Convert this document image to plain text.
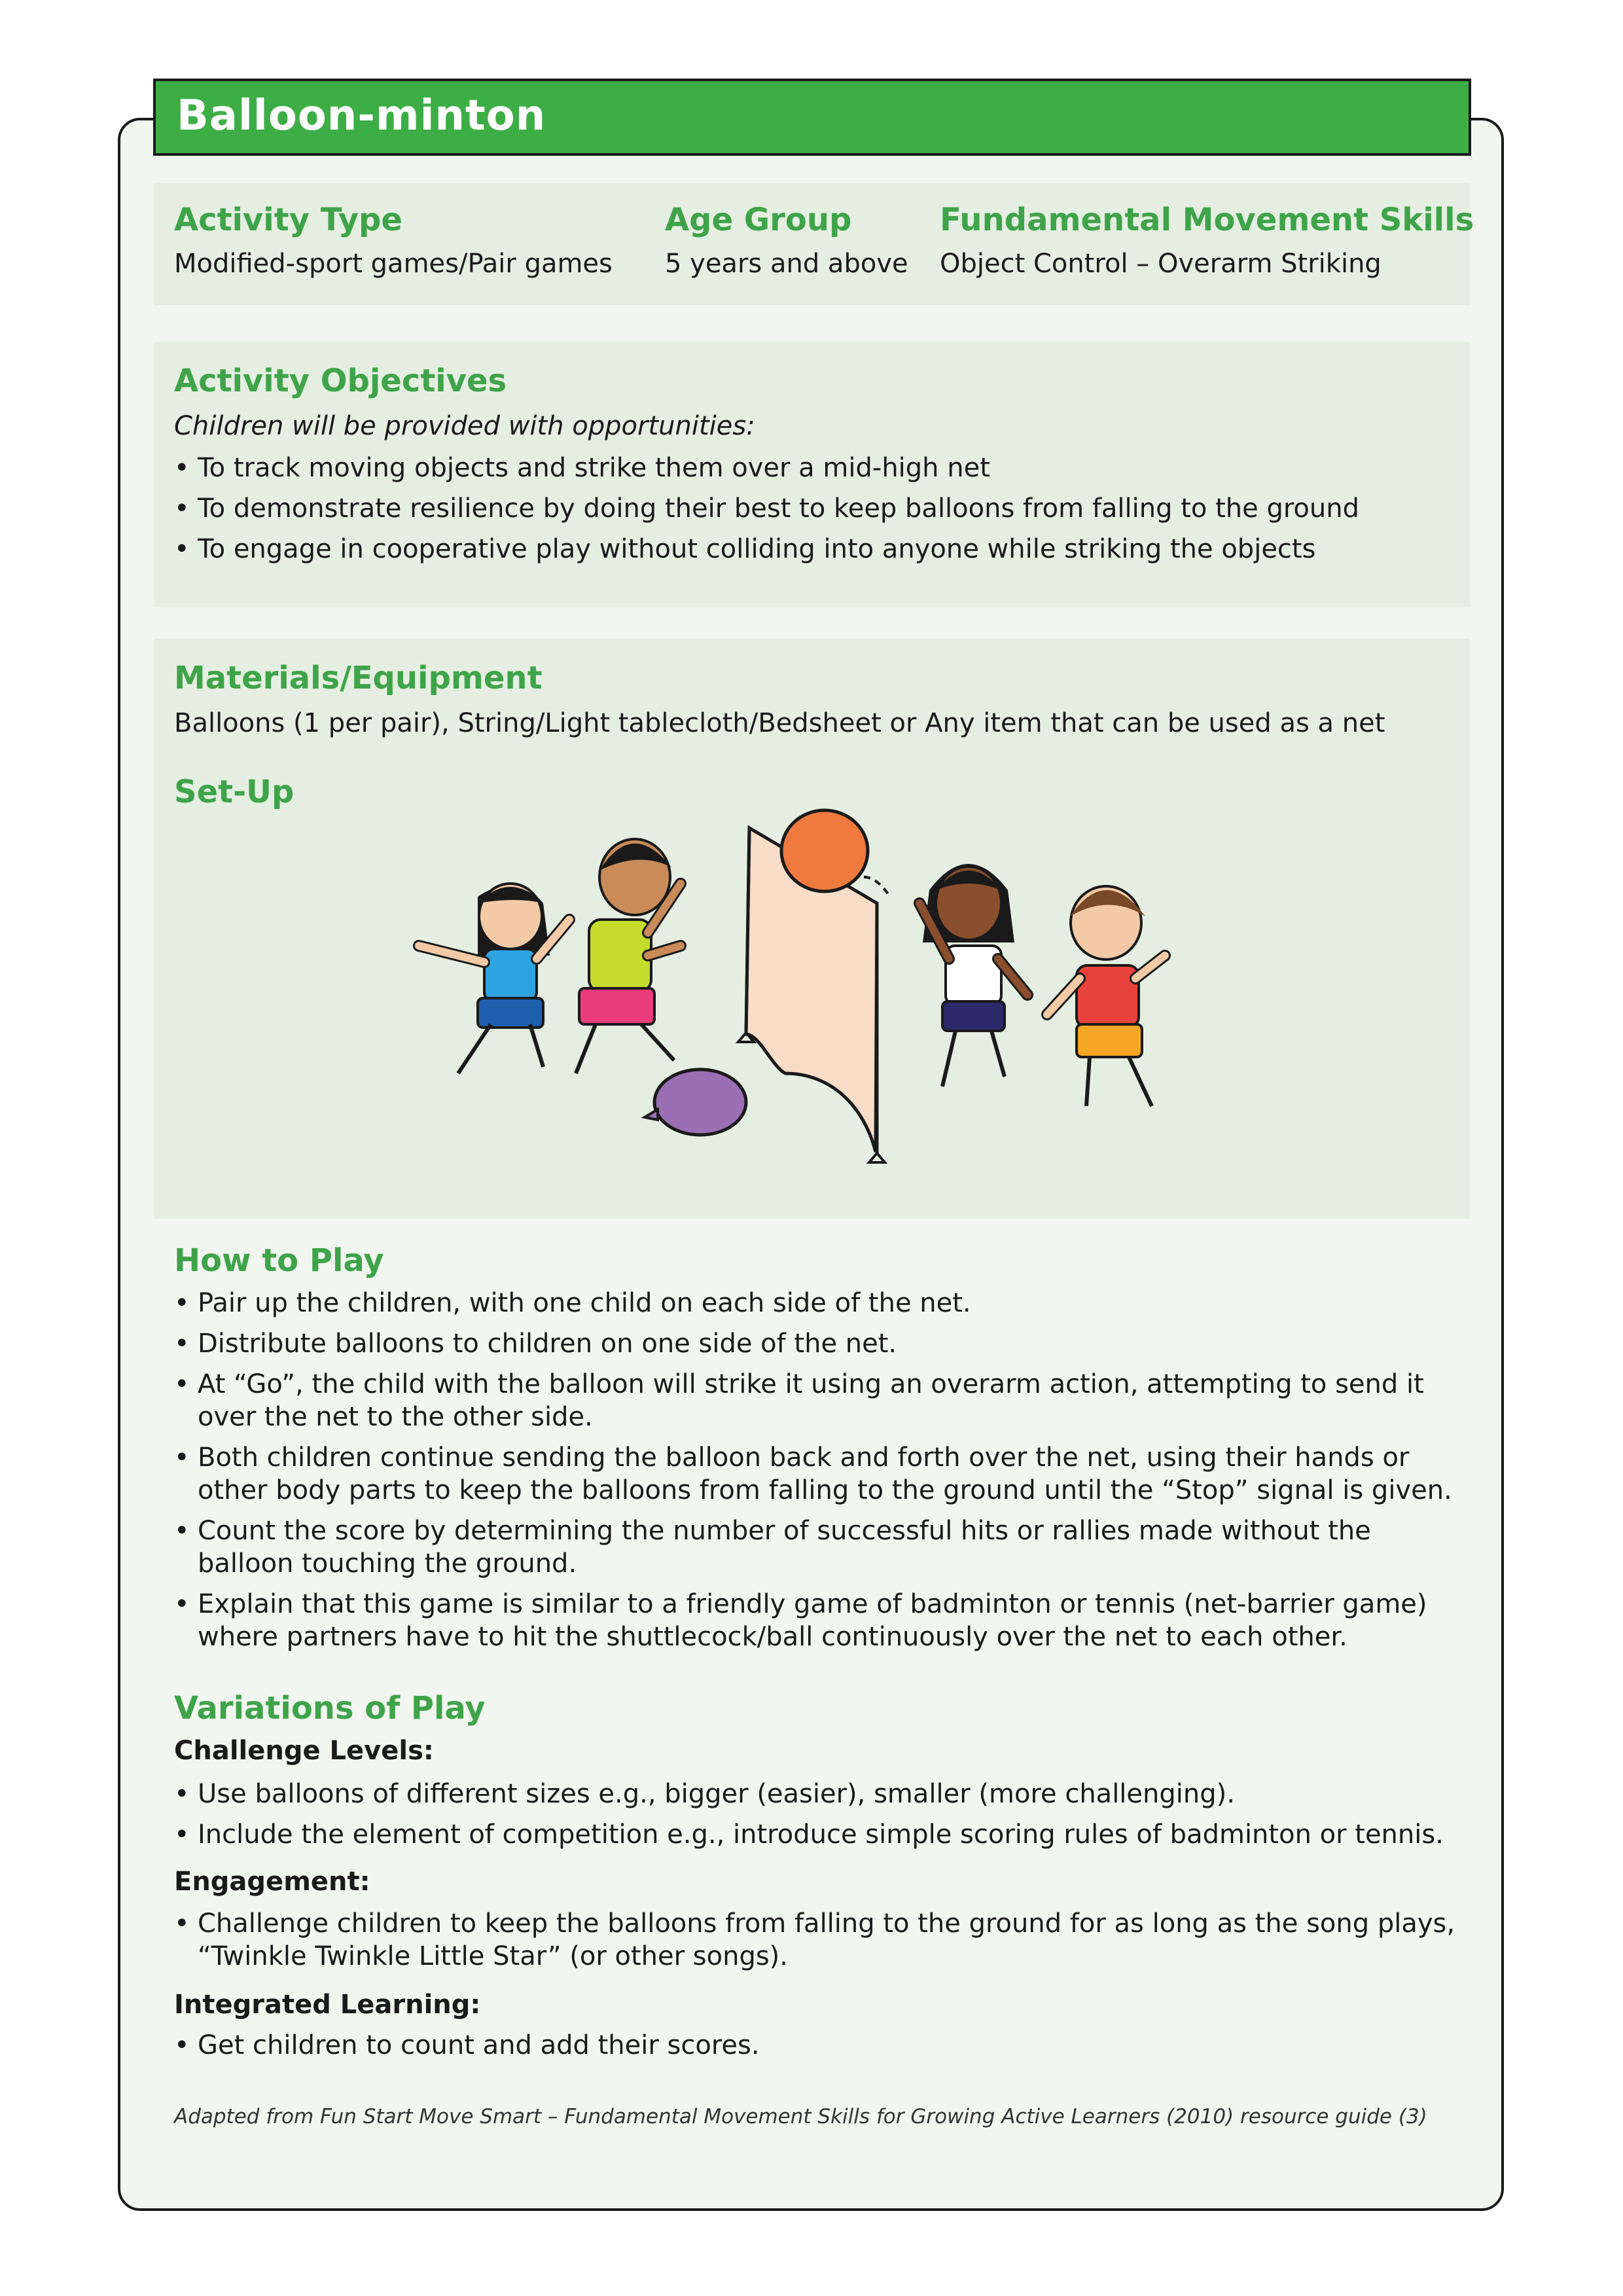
Balloon-minton
Activity Type
Modified-sport games/Pair games
Age Group
5 years and above
Fundamental Movement Skills
Object Control – Overarm Striking
Activity Objectives
Children will be provided with opportunities:
• To track moving objects and strike them over a mid-high net
• To demonstrate resilience by doing their best to keep balloons from falling to the ground
• To engage in cooperative play without colliding into anyone while striking the objects
Materials/Equipment
Balloons (1 per pair), String/Light tablecloth/Bedsheet or Any item that can be used as a net
Set-Up
How to Play
• Pair up the children, with one child on each side of the net.
• Distribute balloons to children on one side of the net.
• At “Go”, the child with the balloon will strike it using an overarm action, attempting to send it over the net to the other side.
• Both children continue sending the balloon back and forth over the net, using their hands or other body parts to keep the balloons from falling to the ground until the “Stop” signal is given.
• Count the score by determining the number of successful hits or rallies made without the balloon touching the ground.
• Explain that this game is similar to a friendly game of badminton or tennis (net-barrier game) where partners have to hit the shuttlecock/ball continuously over the net to each other.
Variations of Play
Challenge Levels:
• Use balloons of different sizes e.g., bigger (easier), smaller (more challenging).
• Include the element of competition e.g., introduce simple scoring rules of badminton or tennis.
Engagement:
• Challenge children to keep the balloons from falling to the ground for as long as the song plays, “Twinkle Twinkle Little Star” (or other songs).
Integrated Learning:
• Get children to count and add their scores.
Adapted from Fun Start Move Smart – Fundamental Movement Skills for Growing Active Learners (2010) resource guide (3)
